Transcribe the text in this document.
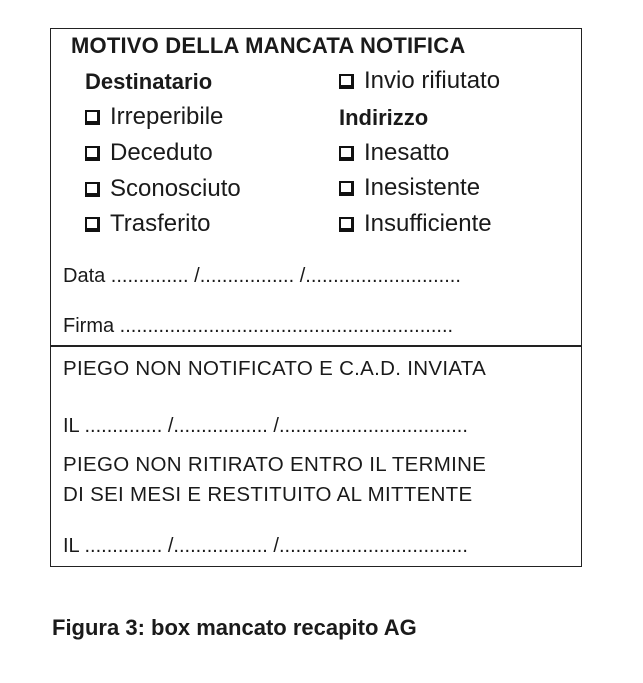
MOTIVO DELLA MANCATA NOTIFICA
Destinatario	Invio rifiutato
Irreperibile
Deceduto
Sconosciuto
Trasferito
Indirizzo
Inesatto
Inesistente
Insufficiente
Data .............. /................. /............................
Firma ............................................................
PIEGO NON NOTIFICATO E C.A.D. INVIATA
IL .............. /................. /..................................
PIEGO NON RITIRATO ENTRO IL TERMINE
DI SEI MESI E RESTITUITO AL MITTENTE
IL .............. /................. /..................................
Figura 3: box mancato recapito AG
